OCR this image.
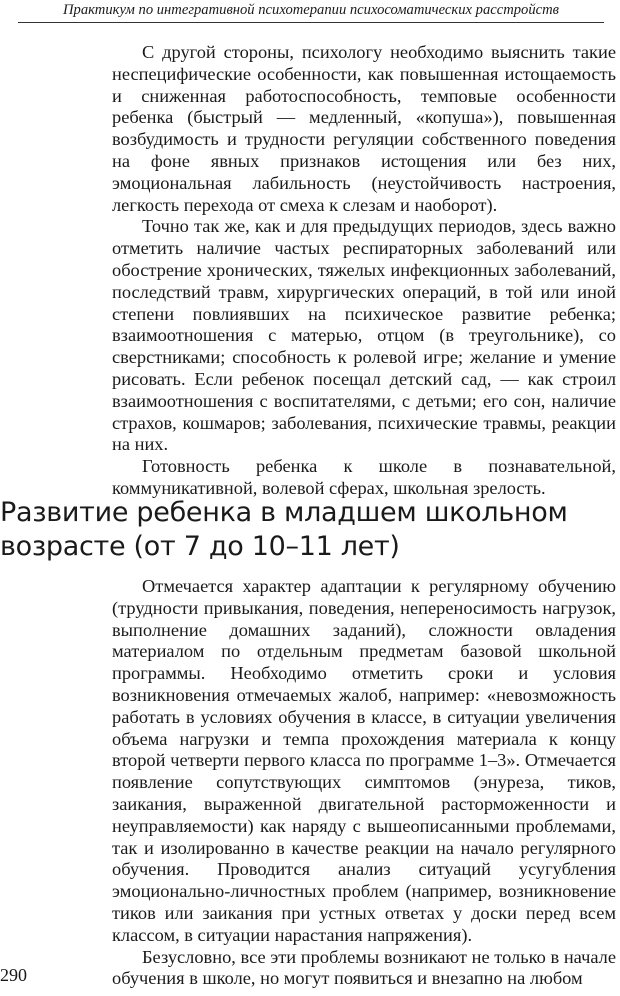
Практикум по интегративной психотерапии психосоматических расстройств

С другой стороны, психологу необходимо выяснить такие неспецифические особенности, как повышенная истощаемость и сниженная работоспособность, темповые особенности ребенка (быстрый — медленный, «копуша»), повышенная возбудимость и трудности регуляции собственного поведения на фоне явных признаков истощения или без них, эмоциональная лабильность (неустойчивость настроения, легкость перехода от смеха к слезам и наоборот).

Точно так же, как и для предыдущих периодов, здесь важно отметить наличие частых респираторных заболеваний или обострение хронических, тяжелых инфекционных заболеваний, последствий травм, хирургических операций, в той или иной степени повлиявших на психическое развитие ребенка; взаимоотношения с матерью, отцом (в треугольнике), со сверстниками; способность к ролевой игре; желание и умение рисовать. Если ребенок посещал детский сад, — как строил взаимоотношения с воспитателями, с детьми; его сон, наличие страхов, кошмаров; заболевания, психические травмы, реакции на них.

Готовность ребенка к школе в познавательной, коммуникативной, волевой сферах, школьная зрелость.

Развитие ребенка в младшем школьном возрасте (от 7 до 10–11 лет)

Отмечается характер адаптации к регулярному обучению (трудности привыкания, поведения, непереносимость нагрузок, выполнение домашних заданий), сложности овладения материалом по отдельным предметам базовой школьной программы. Необходимо отметить сроки и условия возникновения отмечаемых жалоб, например: «невозможность работать в условиях обучения в классе, в ситуации увеличения объема нагрузки и темпа прохождения материала к концу второй четверти первого класса по программе 1–3». Отмечается появление сопутствующих симптомов (энуреза, тиков, заикания, выраженной двигательной расторможенности и неуправляемости) как наряду с вышеописанными проблемами, так и изолированно в качестве реакции на начало регулярного обучения. Проводится анализ ситуаций усугубления эмоционально-личностных проблем (например, возникновение тиков или заикания при устных ответах у доски перед всем классом, в ситуации нарастания напряжения).

Безусловно, все эти проблемы возникают не только в начале обучения в школе, но могут появиться и внезапно на любом

290
